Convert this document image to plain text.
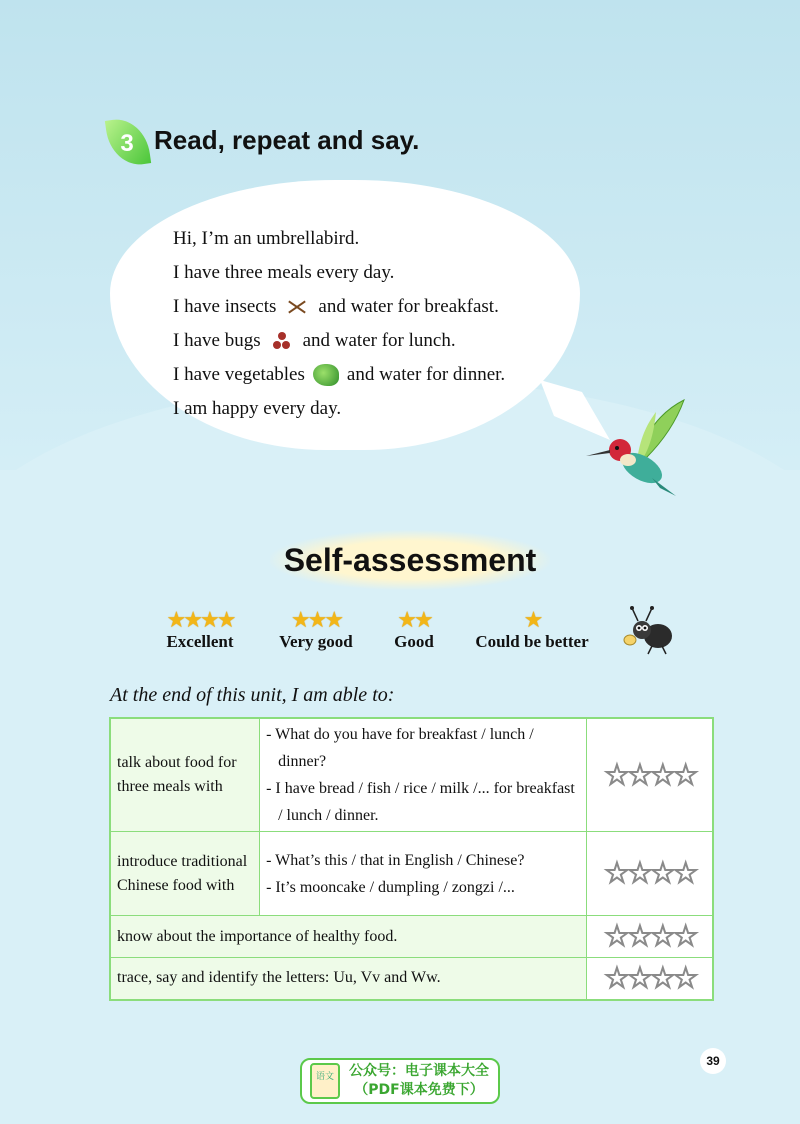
3 Read, repeat and say.
Hi, I’m an umbrellabird.
I have three meals every day.
I have insects and water for breakfast.
I have bugs and water for lunch.
I have vegetables and water for dinner.
I am happy every day.
Self-assessment
★★★★
Excellent
★★★
Very good
★★
Good
★
Could be better
At the end of this unit, I am able to:
talk about food for three meals with	- What do you have for breakfast / lunch / dinner?
- I have bread / fish / rice / milk /... for breakfast / lunch / dinner.	☆☆☆☆
introduce traditional Chinese food with	- What’s this / that in English / Chinese?
- It’s mooncake / dumpling / zongzi /...	☆☆☆☆
know about the importance of healthy food.		☆☆☆☆
trace, say and identify the letters: Uu, Vv and Ww.		☆☆☆☆
39
语文	公众号：电子课本大全
（PDF课本免费下）
